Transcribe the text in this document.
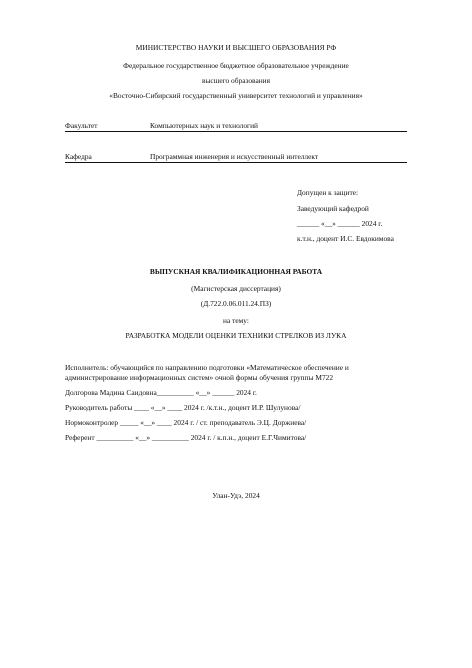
МИНИСТЕРСТВО НАУКИ И ВЫСШЕГО ОБРАЗОВАНИЯ РФ
Федеральное государственное бюджетное образовательное учреждение
высшего образования
«Восточно-Сибирский государственный университет технологий и управления»
Факультет	Компьютерных наук и технологий
Кафедра	Программная инженерия и искусственный интеллект
Допущен к защите:
Заведующий кафедрой
______ «__» ______ 2024 г.
к.т.н., доцент И.С. Евдокимова
ВЫПУСКНАЯ КВАЛИФИКАЦИОННАЯ РАБОТА
(Магистерская диссертация)
(Д.722.0.06.011.24.ПЗ)
на тему:
РАЗРАБОТКА МОДЕЛИ ОЦЕНКИ ТЕХНИКИ СТРЕЛКОВ ИЗ ЛУКА
Исполнитель: обучающийся по направлению подготовки «Математическое обеспечение и
администрирование информационных систем» очной формы обучения группы М722
Долгорова Мадина Саидовна__________ «__» ______ 2024 г.
Руководитель работы ____ «__» ____ 2024 г. /к.т.н., доцент И.Р. Шулунова/
Нормоконтролер _____ «__» ____ 2024 г. / ст. преподаватель Э.Ц. Доржиева/
Референт __________ «__» __________ 2024 г. / к.п.н., доцент Е.Г.Чимитова/
Улан-Удэ, 2024
